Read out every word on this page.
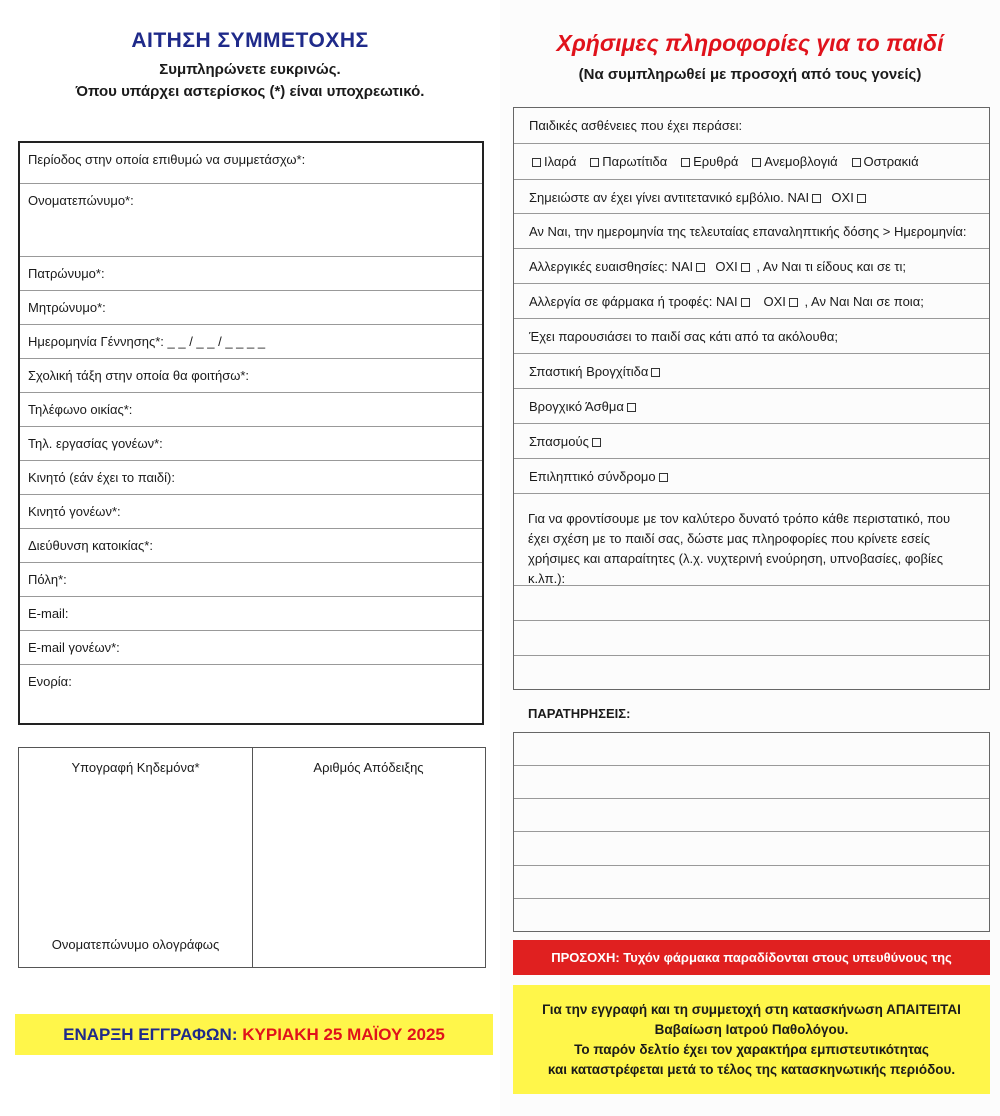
ΑΙΤΗΣΗ ΣΥΜΜΕΤΟΧΗΣ
Συμπληρώνετε ευκρινώς.
Όπου υπάρχει αστερίσκος (*) είναι υποχρεωτικό.
Περίοδος στην οποία επιθυμώ να συμμετάσχω*:
Ονοματεπώνυμο*:
Πατρώνυμο*:
Μητρώνυμο*:
Ημερομηνία Γέννησης*: _ _ / _ _ / _ _ _ _
Σχολική τάξη στην οποία θα φοιτήσω*:
Τηλέφωνο οικίας*:
Τηλ. εργασίας γονέων*:
Κινητό (εάν έχει το παιδί):
Κινητό γονέων*:
Διεύθυνση κατοικίας*:
Πόλη*:
E-mail:
E-mail γονέων*:
Ενορία:
Υπογραφή Κηδεμόνα*	Αριθμός Απόδειξης
Ονοματεπώνυμο ολογράφως
ΕΝΑΡΞΗ ΕΓΓΡΑΦΩΝ: ΚΥΡΙΑΚΗ 25 ΜΑΪΟΥ 2025
Χρήσιμες πληροφορίες για το παιδί
(Να συμπληρωθεί με προσοχή από τους γονείς)
Παιδικές ασθένειες που έχει περάσει:
Ιλαρά Παρωτίτιδα Ερυθρά Ανεμοβλογιά Οστρακιά
Σημειώστε αν έχει γίνει αντιτετανικό εμβόλιο. ΝΑΙ ΟΧΙ
Αν Ναι, την ημερομηνία της τελευταίας επαναληπτικής δόσης > Ημερομηνία:
Αλλεργικές ευαισθησίες: ΝΑΙ ΟΧΙ , Αν Ναι τι είδους και σε τι;
Αλλεργία σε φάρμακα ή τροφές: ΝΑΙ ΟΧΙ , Αν Ναι Ναι σε ποια;
Έχει παρουσιάσει το παιδί σας κάτι από τα ακόλουθα;
Σπαστική Βρογχίτιδα
Βρογχικό Άσθμα
Σπασμούς
Επιληπτικό σύνδρομο
Για να φροντίσουμε με τον καλύτερο δυνατό τρόπο κάθε περιστατικό, που έχει σχέση με το παιδί σας, δώστε μας πληροφορίες που κρίνετε εσείς χρήσιμες και απαραίτητες (λ.χ. νυχτερινή ενούρηση, υπνοβασίες, φοβίες κ.λπ.):
ΠΑΡΑΤΗΡΗΣΕΙΣ:
ΠΡΟΣΟΧΗ: Τυχόν φάρμακα παραδίδονται στους υπευθύνους της
Για την εγγραφή και τη συμμετοχή στη κατασκήνωση ΑΠΑΙΤΕΙΤΑΙ
Βαβαίωση Ιατρού Παθολόγου.
Το παρόν δελτίο έχει τον χαρακτήρα εμπιστευτικότητας
και καταστρέφεται μετά το τέλος της κατασκηνωτικής περιόδου.
